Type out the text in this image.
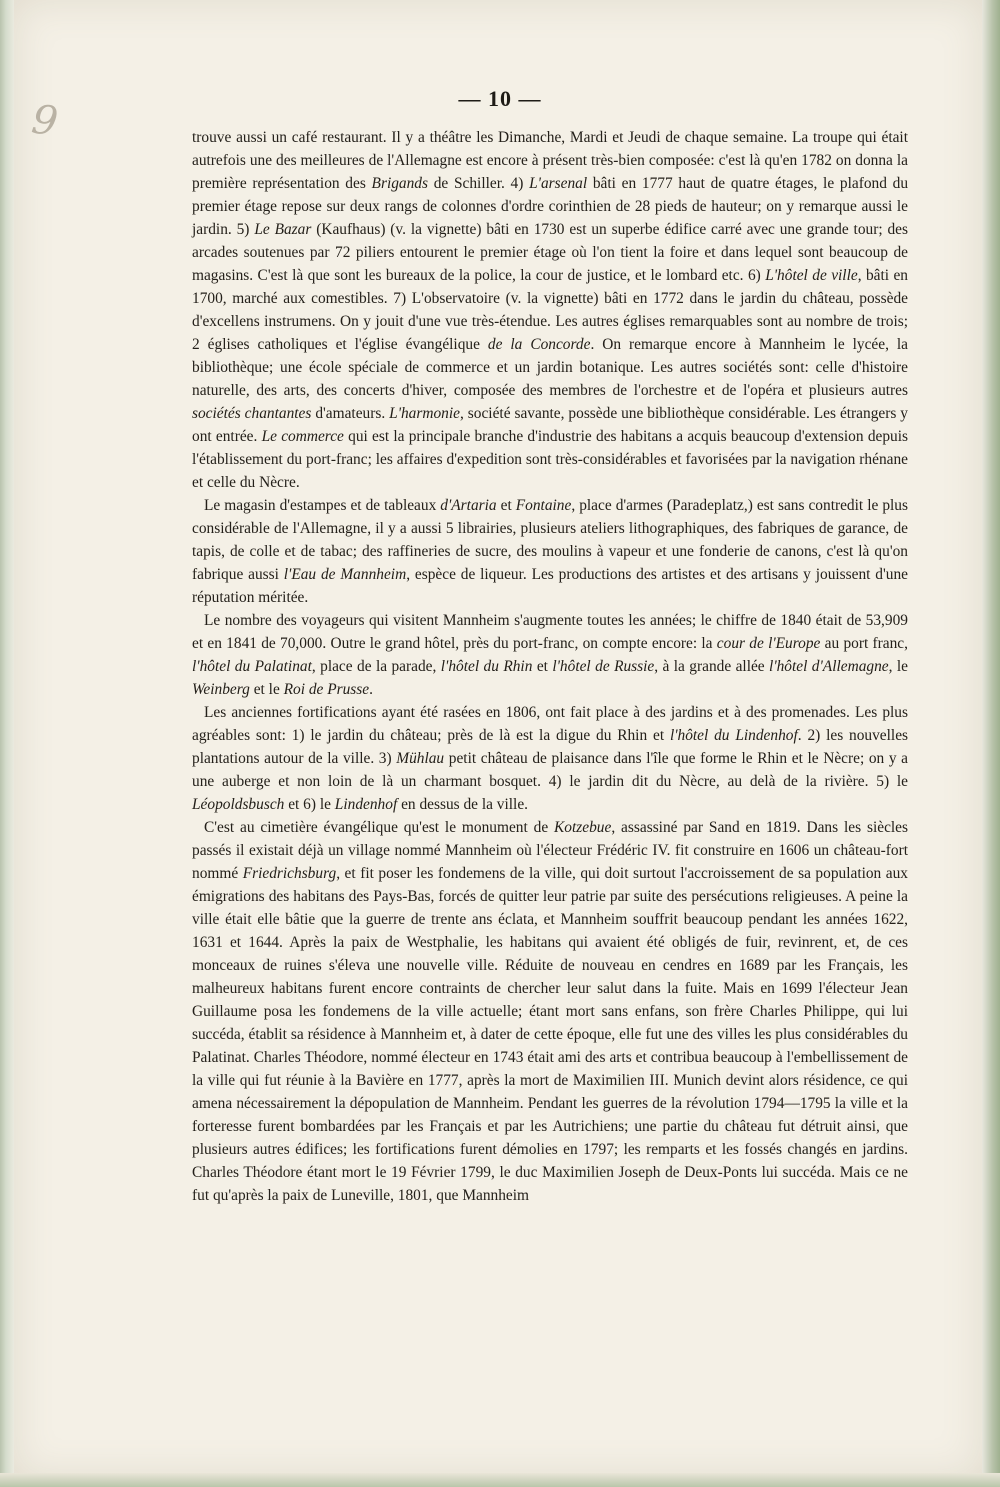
9	— 10 —

trouve aussi un café restaurant. Il y a théâtre les Dimanche, Mardi et Jeudi de chaque semaine. La troupe qui était autrefois une des meilleures de l'Allemagne est encore à présent très-bien composée: c'est là qu'en 1782 on donna la première représentation des Brigands de Schiller. 4) L'arsenal bâti en 1777 haut de quatre étages, le plafond du premier étage repose sur deux rangs de colonnes d'ordre corinthien de 28 pieds de hauteur; on y remarque aussi le jardin. 5) Le Bazar (Kaufhaus) (v. la vignette) bâti en 1730 est un superbe édifice carré avec une grande tour; des arcades soutenues par 72 piliers entourent le premier étage où l'on tient la foire et dans lequel sont beaucoup de magasins. C'est là que sont les bureaux de la police, la cour de justice, et le lombard etc. 6) L'hôtel de ville, bâti en 1700, marché aux comestibles. 7) L'observatoire (v. la vignette) bâti en 1772 dans le jardin du château, possède d'excellens instrumens. On y jouit d'une vue très-étendue. Les autres églises remarquables sont au nombre de trois; 2 églises catholiques et l'église évangélique de la Concorde. On remarque encore à Mannheim le lycée, la bibliothèque; une école spéciale de commerce et un jardin botanique. Les autres sociétés sont: celle d'histoire naturelle, des arts, des concerts d'hiver, composée des membres de l'orchestre et de l'opéra et plusieurs autres sociétés chantantes d'amateurs. L'harmonie, société savante, possède une bibliothèque considérable. Les étrangers y ont entrée. Le commerce qui est la principale branche d'industrie des habitans a acquis beaucoup d'extension depuis l'établissement du port-franc; les affaires d'expedition sont très-considérables et favorisées par la navigation rhénane et celle du Nècre.

Le magasin d'estampes et de tableaux d'Artaria et Fontaine, place d'armes (Paradeplatz,) est sans contredit le plus considérable de l'Allemagne, il y a aussi 5 librairies, plusieurs ateliers lithographiques, des fabriques de garance, de tapis, de colle et de tabac; des raffineries de sucre, des moulins à vapeur et une fonderie de canons, c'est là qu'on fabrique aussi l'Eau de Mannheim, espèce de liqueur. Les productions des artistes et des artisans y jouissent d'une réputation méritée.

Le nombre des voyageurs qui visitent Mannheim s'augmente toutes les années; le chiffre de 1840 était de 53,909 et en 1841 de 70,000. Outre le grand hôtel, près du port-franc, on compte encore: la cour de l'Europe au port franc, l'hôtel du Palatinat, place de la parade, l'hôtel du Rhin et l'hôtel de Russie, à la grande allée l'hôtel d'Allemagne, le Weinberg et le Roi de Prusse.

Les anciennes fortifications ayant été rasées en 1806, ont fait place à des jardins et à des promenades. Les plus agréables sont: 1) le jardin du château; près de là est la digue du Rhin et l'hôtel du Lindenhof. 2) les nouvelles plantations autour de la ville. 3) Mühlau petit château de plaisance dans l'île que forme le Rhin et le Nècre; on y a une auberge et non loin de là un charmant bosquet. 4) le jardin dit du Nècre, au delà de la rivière. 5) le Léopoldsbusch et 6) le Lindenhof en dessus de la ville.

C'est au cimetière évangélique qu'est le monument de Kotzebue, assassiné par Sand en 1819. Dans les siècles passés il existait déjà un village nommé Mannheim où l'électeur Frédéric IV. fit construire en 1606 un château-fort nommé Friedrichsburg, et fit poser les fondemens de la ville, qui doit surtout l'accroissement de sa population aux émigrations des habitans des Pays-Bas, forcés de quitter leur patrie par suite des persécutions religieuses. A peine la ville était elle bâtie que la guerre de trente ans éclata, et Mannheim souffrit beaucoup pendant les années 1622, 1631 et 1644. Après la paix de Westphalie, les habitans qui avaient été obligés de fuir, revinrent, et, de ces monceaux de ruines s'éleva une nouvelle ville. Réduite de nouveau en cendres en 1689 par les Français, les malheureux habitans furent encore contraints de chercher leur salut dans la fuite. Mais en 1699 l'électeur Jean Guillaume posa les fondemens de la ville actuelle; étant mort sans enfans, son frère Charles Philippe, qui lui succéda, établit sa résidence à Mannheim et, à dater de cette époque, elle fut une des villes les plus considérables du Palatinat. Charles Théodore, nommé électeur en 1743 était ami des arts et contribua beaucoup à l'embellissement de la ville qui fut réunie à la Bavière en 1777, après la mort de Maximilien III. Munich devint alors résidence, ce qui amena nécessairement la dépopulation de Mannheim. Pendant les guerres de la révolution 1794—1795 la ville et la forteresse furent bombardées par les Français et par les Autrichiens; une partie du château fut détruit ainsi, que plusieurs autres édifices; les fortifications furent démolies en 1797; les remparts et les fossés changés en jardins. Charles Théodore étant mort le 19 Février 1799, le duc Maximilien Joseph de Deux-Ponts lui succéda. Mais ce ne fut qu'après la paix de Luneville, 1801, que Mannheim
